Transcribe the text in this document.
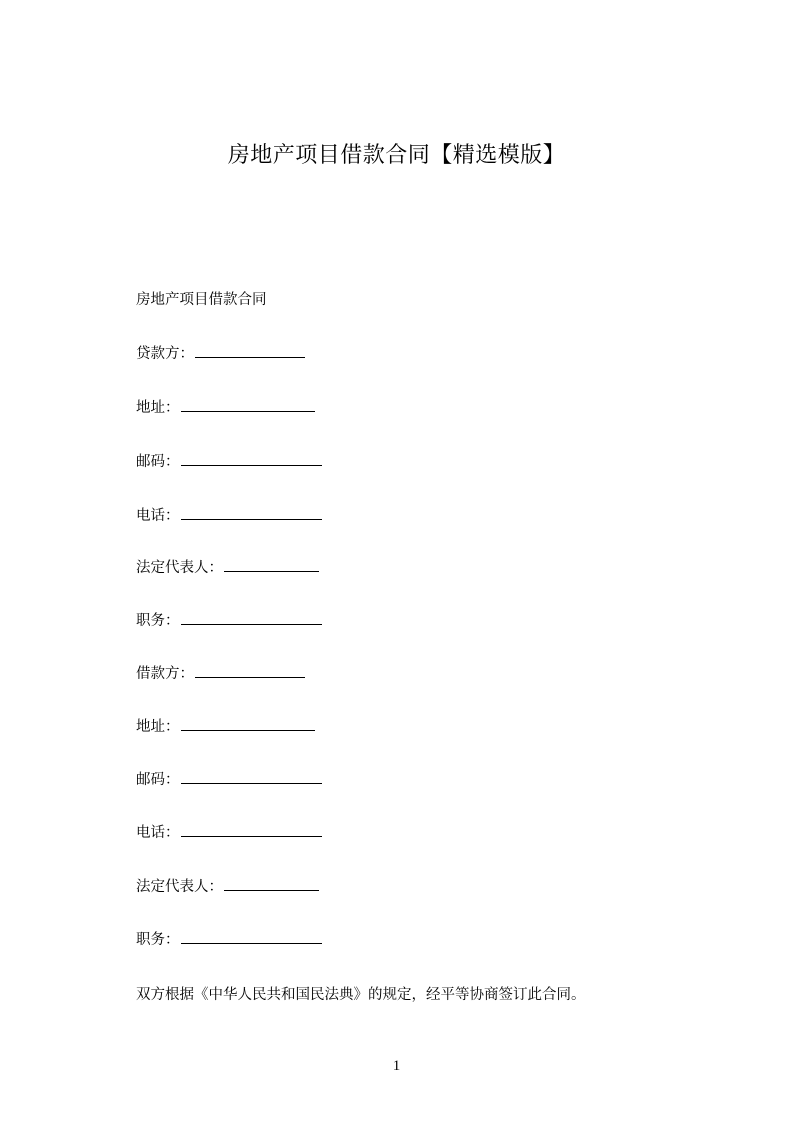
房地产项目借款合同【精选模版】
房地产项目借款合同
贷款方：
地址：
邮码：
电话：
法定代表人：
职务：
借款方：
地址：
邮码：
电话：
法定代表人：
职务：
双方根据《中华人民共和国民法典》的规定，经平等协商签订此合同。
1
